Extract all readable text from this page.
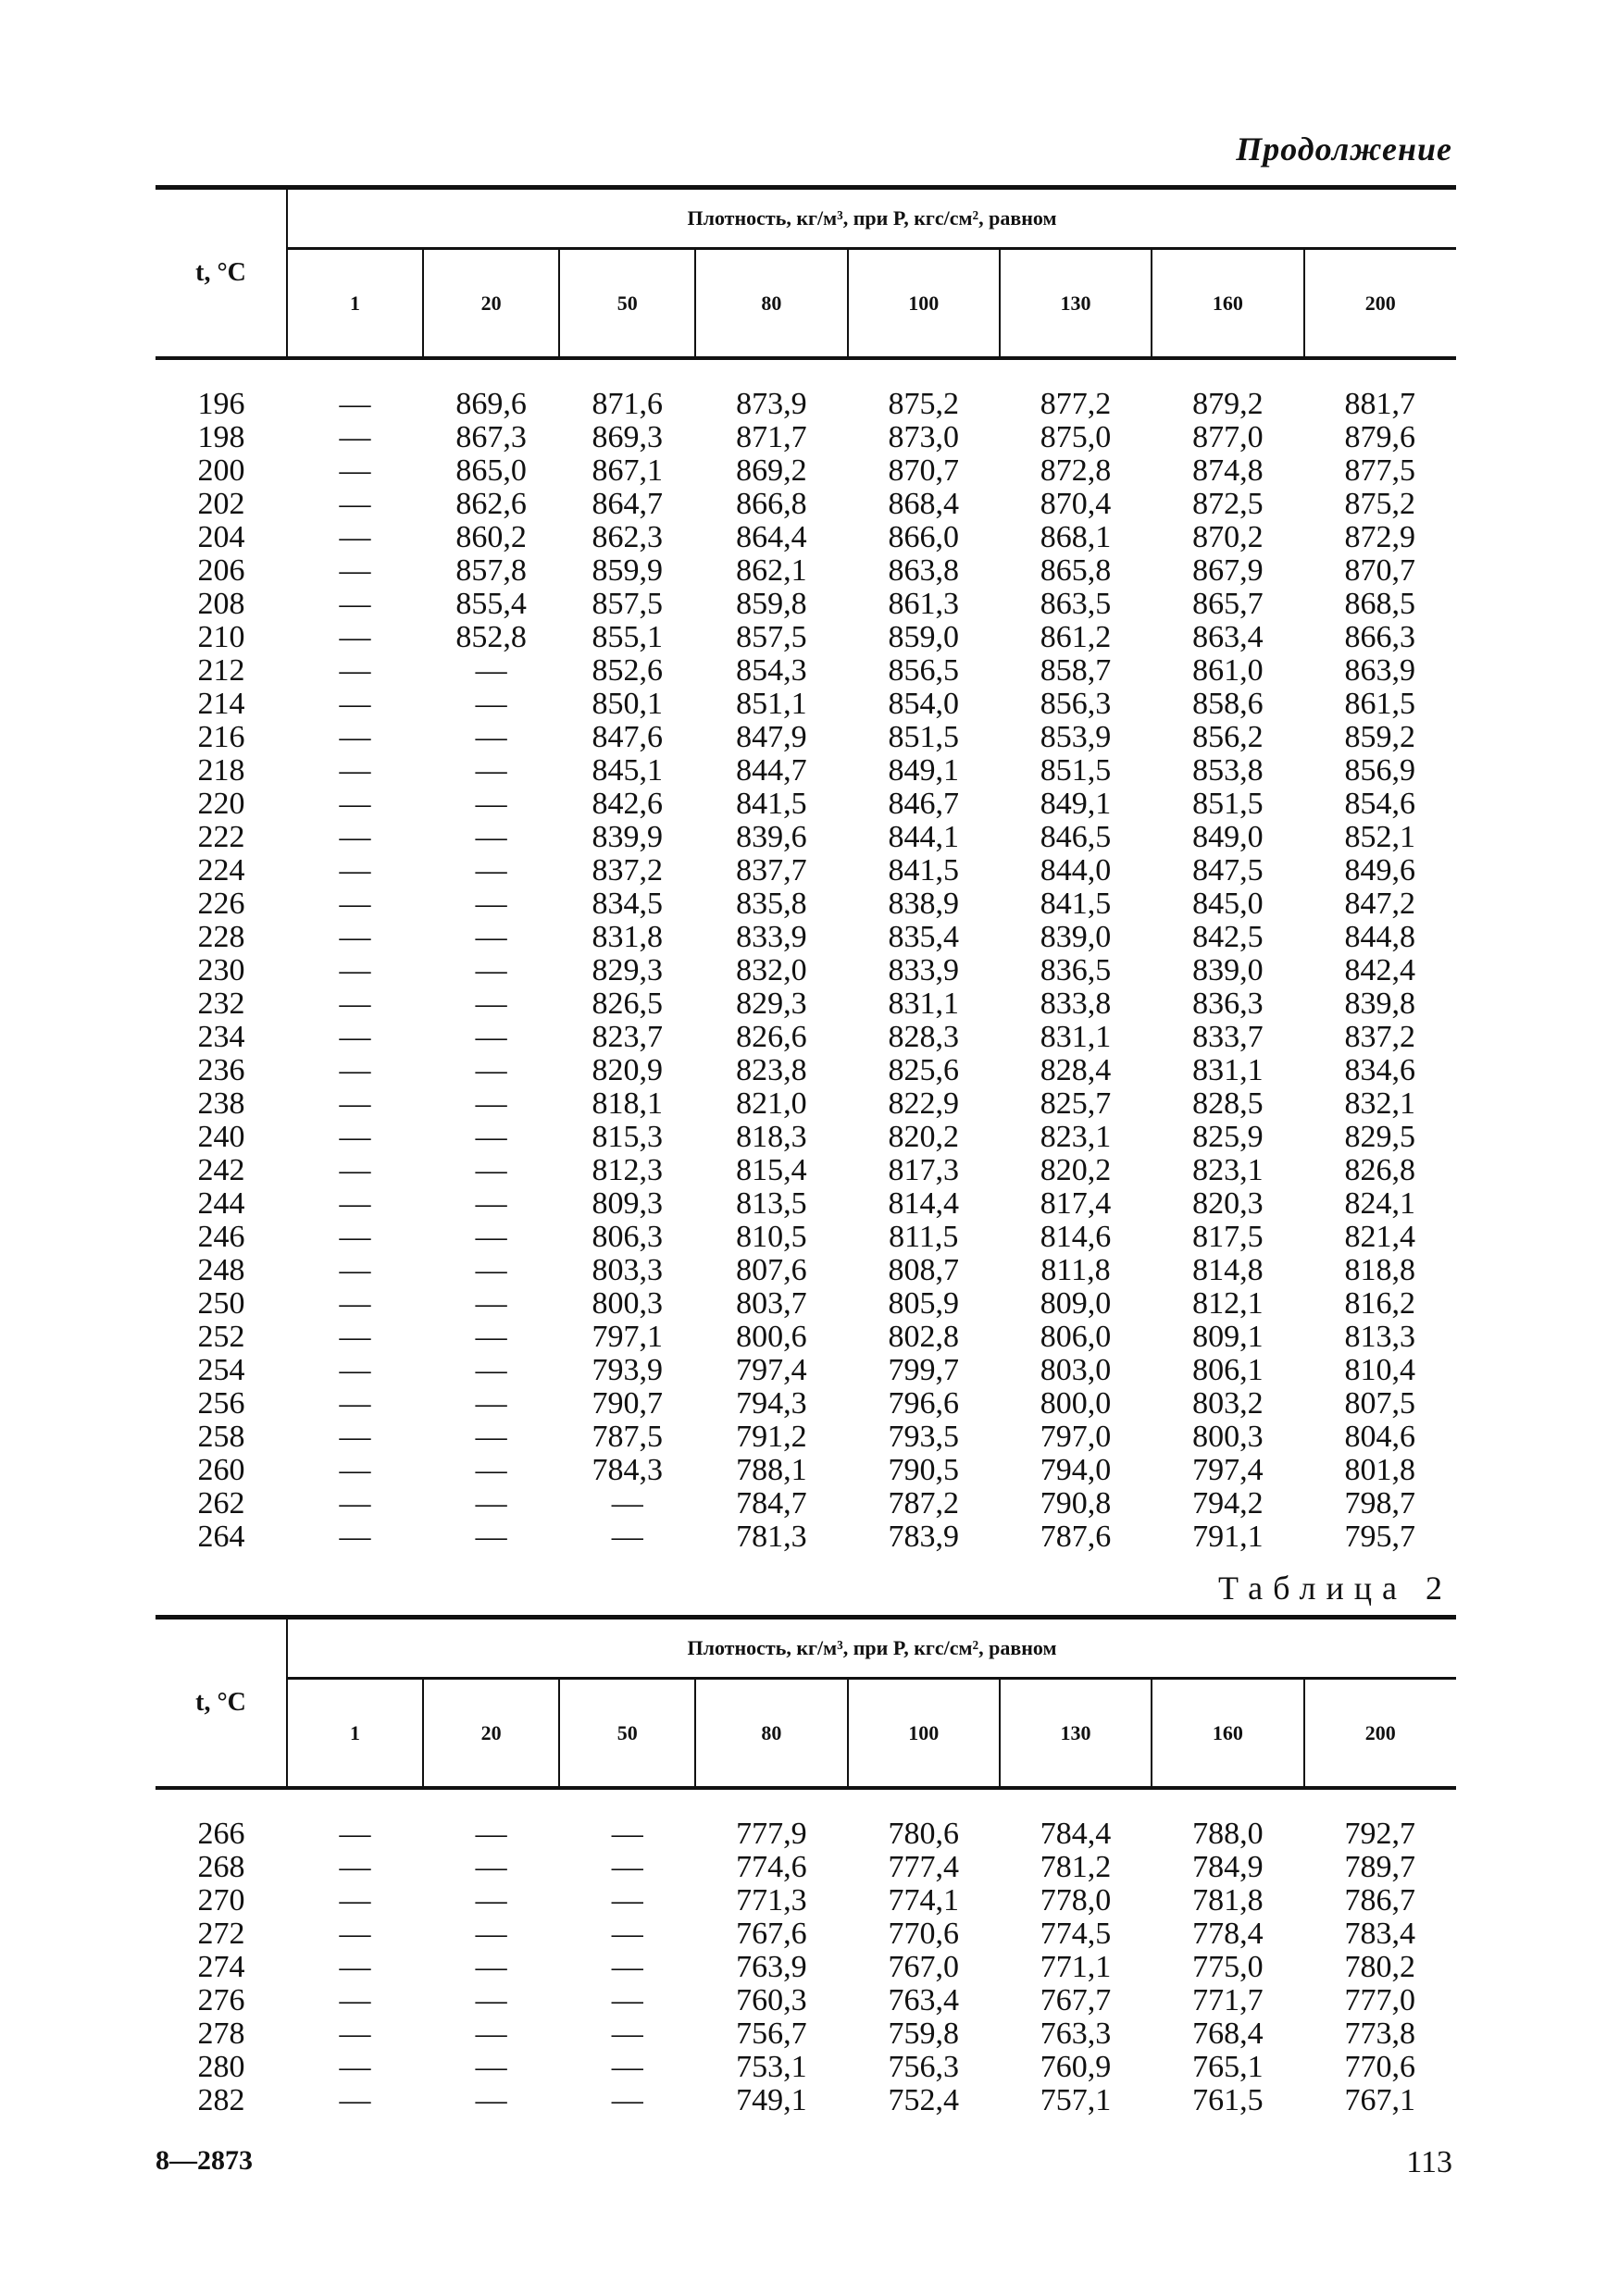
Продолжение
t, °C	Плотность, кг/м³, при P, кгс/см², равном							
	1	20	50	80	100	130	160	200
196	—	869,6	871,6	873,9	875,2	877,2	879,2	881,7
198	—	867,3	869,3	871,7	873,0	875,0	877,0	879,6
200	—	865,0	867,1	869,2	870,7	872,8	874,8	877,5
202	—	862,6	864,7	866,8	868,4	870,4	872,5	875,2
204	—	860,2	862,3	864,4	866,0	868,1	870,2	872,9
206	—	857,8	859,9	862,1	863,8	865,8	867,9	870,7
208	—	855,4	857,5	859,8	861,3	863,5	865,7	868,5
210	—	852,8	855,1	857,5	859,0	861,2	863,4	866,3
212	—	—	852,6	854,3	856,5	858,7	861,0	863,9
214	—	—	850,1	851,1	854,0	856,3	858,6	861,5
216	—	—	847,6	847,9	851,5	853,9	856,2	859,2
218	—	—	845,1	844,7	849,1	851,5	853,8	856,9
220	—	—	842,6	841,5	846,7	849,1	851,5	854,6
222	—	—	839,9	839,6	844,1	846,5	849,0	852,1
224	—	—	837,2	837,7	841,5	844,0	847,5	849,6
226	—	—	834,5	835,8	838,9	841,5	845,0	847,2
228	—	—	831,8	833,9	835,4	839,0	842,5	844,8
230	—	—	829,3	832,0	833,9	836,5	839,0	842,4
232	—	—	826,5	829,3	831,1	833,8	836,3	839,8
234	—	—	823,7	826,6	828,3	831,1	833,7	837,2
236	—	—	820,9	823,8	825,6	828,4	831,1	834,6
238	—	—	818,1	821,0	822,9	825,7	828,5	832,1
240	—	—	815,3	818,3	820,2	823,1	825,9	829,5
242	—	—	812,3	815,4	817,3	820,2	823,1	826,8
244	—	—	809,3	813,5	814,4	817,4	820,3	824,1
246	—	—	806,3	810,5	811,5	814,6	817,5	821,4
248	—	—	803,3	807,6	808,7	811,8	814,8	818,8
250	—	—	800,3	803,7	805,9	809,0	812,1	816,2
252	—	—	797,1	800,6	802,8	806,0	809,1	813,3
254	—	—	793,9	797,4	799,7	803,0	806,1	810,4
256	—	—	790,7	794,3	796,6	800,0	803,2	807,5
258	—	—	787,5	791,2	793,5	797,0	800,3	804,6
260	—	—	784,3	788,1	790,5	794,0	797,4	801,8
262	—	—	—	784,7	787,2	790,8	794,2	798,7
264	—	—	—	781,3	783,9	787,6	791,1	795,7
Таблица 2
t, °C	Плотность, кг/м³, при P, кгс/см², равном							
	1	20	50	80	100	130	160	200
266	—	—	—	777,9	780,6	784,4	788,0	792,7
268	—	—	—	774,6	777,4	781,2	784,9	789,7
270	—	—	—	771,3	774,1	778,0	781,8	786,7
272	—	—	—	767,6	770,6	774,5	778,4	783,4
274	—	—	—	763,9	767,0	771,1	775,0	780,2
276	—	—	—	760,3	763,4	767,7	771,7	777,0
278	—	—	—	756,7	759,8	763,3	768,4	773,8
280	—	—	—	753,1	756,3	760,9	765,1	770,6
282	—	—	—	749,1	752,4	757,1	761,5	767,1
8—2873	113
